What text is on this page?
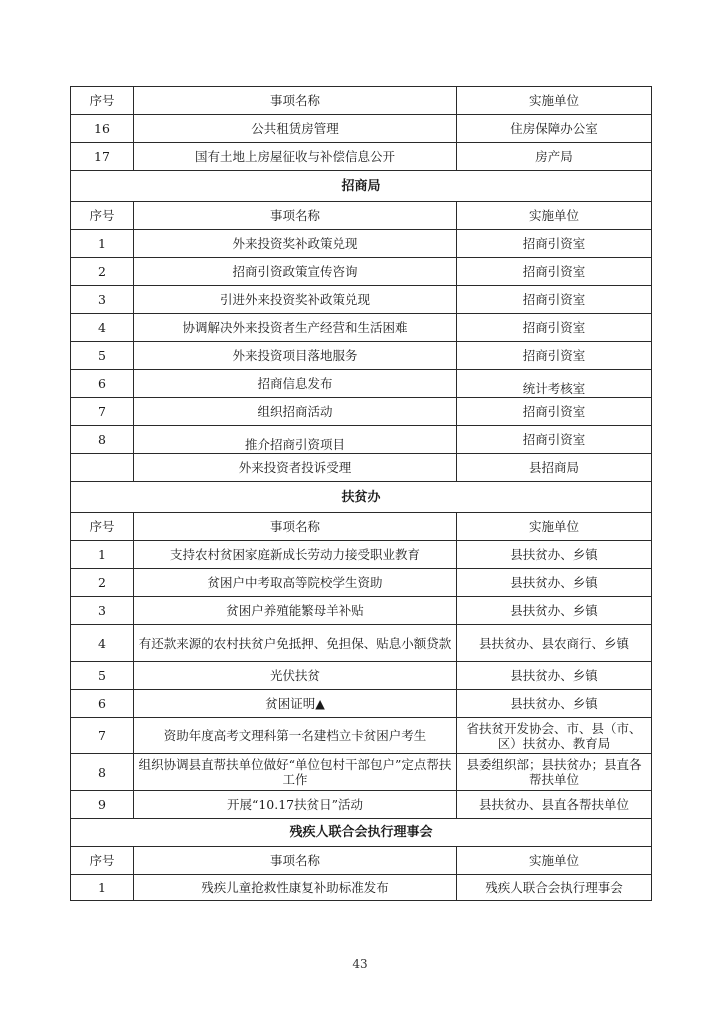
序号	事项名称	实施单位
16	公共租赁房管理	住房保障办公室
17	国有土地上房屋征收与补偿信息公开	房产局
招商局		
序号	事项名称	实施单位
1	外来投资奖补政策兑现	招商引资室
2	招商引资政策宣传咨询	招商引资室
3	引进外来投资奖补政策兑现	招商引资室
4	协调解决外来投资者生产经营和生活困难	招商引资室
5	外来投资项目落地服务	招商引资室
6	招商信息发布	统计考核室
7	组织招商活动	招商引资室
8	推介招商引资项目	招商引资室
	外来投资者投诉受理	县招商局
扶贫办		
序号	事项名称	实施单位
1	支持农村贫困家庭新成长劳动力接受职业教育	县扶贫办、乡镇
2	贫困户中考取高等院校学生资助	县扶贫办、乡镇
3	贫困户养殖能繁母羊补贴	县扶贫办、乡镇
4	有还款来源的农村扶贫户免抵押、免担保、贴息小额贷款	县扶贫办、县农商行、乡镇
5	光伏扶贫	县扶贫办、乡镇
6	贫困证明▲	县扶贫办、乡镇
7	资助年度高考文理科第一名建档立卡贫困户考生	省扶贫开发协会、市、县（市、区）扶贫办、教育局
8	组织协调县直帮扶单位做好“单位包村干部包户”定点帮扶工作	县委组织部；县扶贫办；县直各帮扶单位
9	开展“10.17扶贫日”活动	县扶贫办、县直各帮扶单位
残疾人联合会执行理事会		
序号	事项名称	实施单位
1	残疾儿童抢救性康复补助标准发布	残疾人联合会执行理事会
43
